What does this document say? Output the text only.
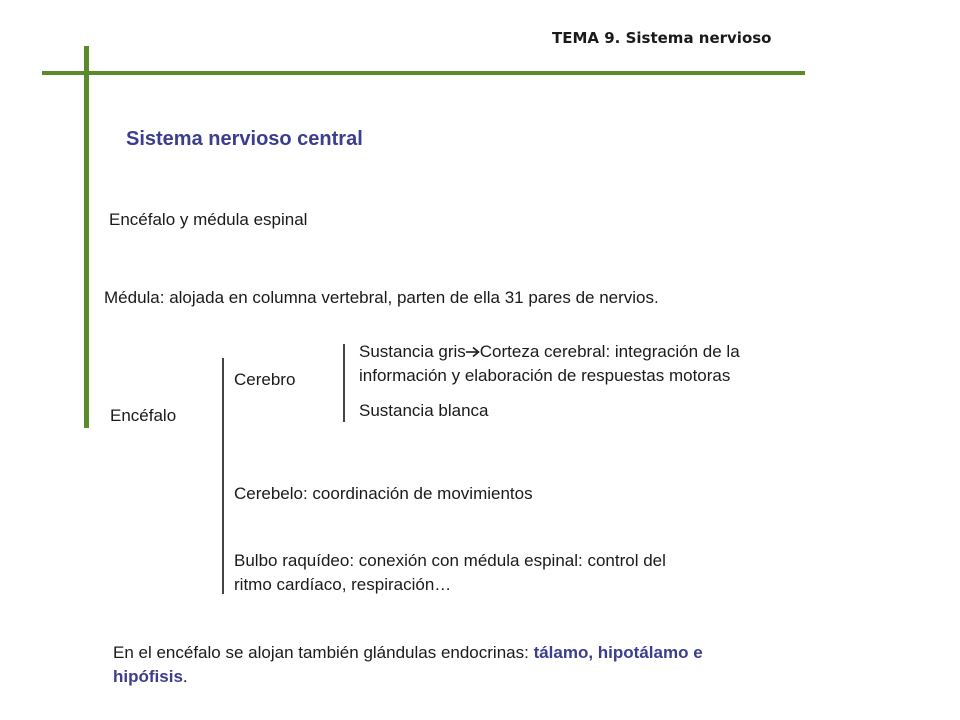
TEMA 9. Sistema nervioso
Sistema nervioso central
Encéfalo y médula espinal
Médula: alojada en columna vertebral, parten de ella 31 pares de nervios.
Encéfalo
Cerebro
Sustancia gris Corteza cerebral: integración de la
información y elaboración de respuestas motoras
Sustancia blanca
Cerebelo: coordinación de movimientos
Bulbo raquídeo: conexión con médula espinal: control del
ritmo cardíaco, respiración…
En el encéfalo se alojan también glándulas endocrinas: tálamo, hipotálamo e
hipófisis.
